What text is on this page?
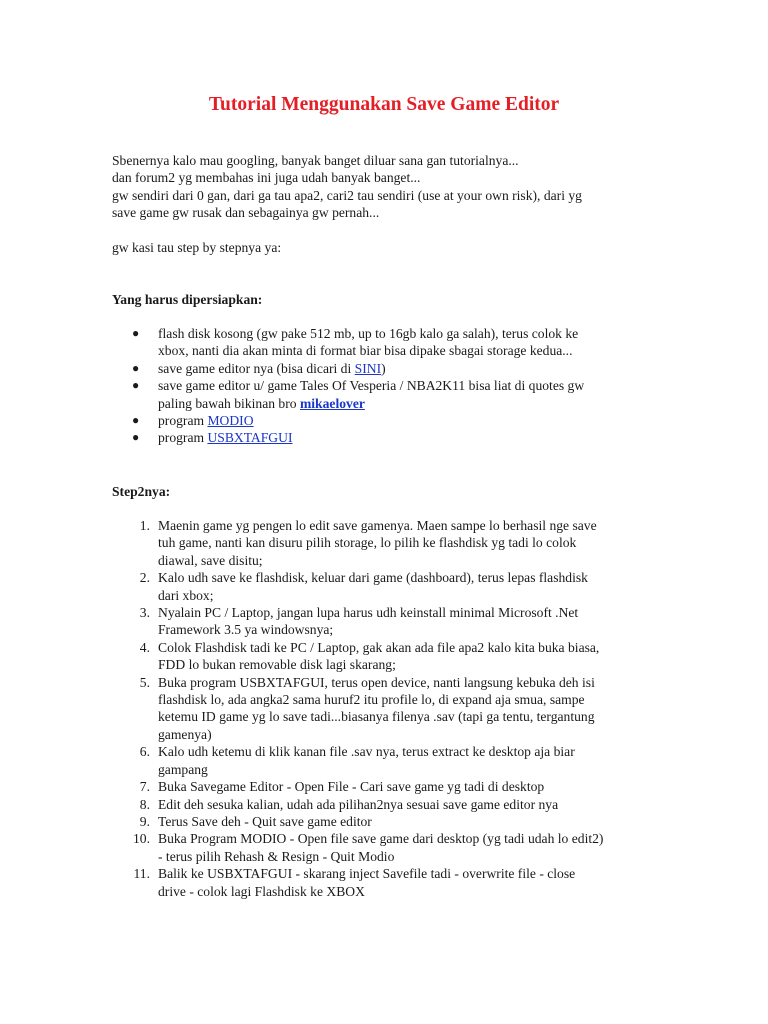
Tutorial Menggunakan Save Game Editor
Sbenernya kalo mau googling, banyak banget diluar sana gan tutorialnya...
dan forum2 yg membahas ini juga udah banyak banget...
gw sendiri dari 0 gan, dari ga tau apa2, cari2 tau sendiri (use at your own risk), dari yg
save game gw rusak dan sebagainya gw pernah...
gw kasi tau step by stepnya ya:
Yang harus dipersiapkan:
● flash disk kosong (gw pake 512 mb, up to 16gb kalo ga salah), terus colok ke
xbox, nanti dia akan minta di format biar bisa dipake sbagai storage kedua...
● save game editor nya (bisa dicari di SINI)
● save game editor u/ game Tales Of Vesperia / NBA2K11 bisa liat di quotes gw
paling bawah bikinan bro mikaelover
● program MODIO
● program USBXTAFGUI
Step2nya:
1. Maenin game yg pengen lo edit save gamenya. Maen sampe lo berhasil nge save
tuh game, nanti kan disuru pilih storage, lo pilih ke flashdisk yg tadi lo colok
diawal, save disitu;
2. Kalo udh save ke flashdisk, keluar dari game (dashboard), terus lepas flashdisk
dari xbox;
3. Nyalain PC / Laptop, jangan lupa harus udh keinstall minimal Microsoft .Net
Framework 3.5 ya windowsnya;
4. Colok Flashdisk tadi ke PC / Laptop, gak akan ada file apa2 kalo kita buka biasa,
FDD lo bukan removable disk lagi skarang;
5. Buka program USBXTAFGUI, terus open device, nanti langsung kebuka deh isi
flashdisk lo, ada angka2 sama huruf2 itu profile lo, di expand aja smua, sampe
ketemu ID game yg lo save tadi...biasanya filenya .sav (tapi ga tentu, tergantung
gamenya)
6. Kalo udh ketemu di klik kanan file .sav nya, terus extract ke desktop aja biar
gampang
7. Buka Savegame Editor - Open File - Cari save game yg tadi di desktop
8. Edit deh sesuka kalian, udah ada pilihan2nya sesuai save game editor nya
9. Terus Save deh - Quit save game editor
10. Buka Program MODIO - Open file save game dari desktop (yg tadi udah lo edit2)
- terus pilih Rehash & Resign - Quit Modio
11. Balik ke USBXTAFGUI - skarang inject Savefile tadi - overwrite file - close
drive - colok lagi Flashdisk ke XBOX
